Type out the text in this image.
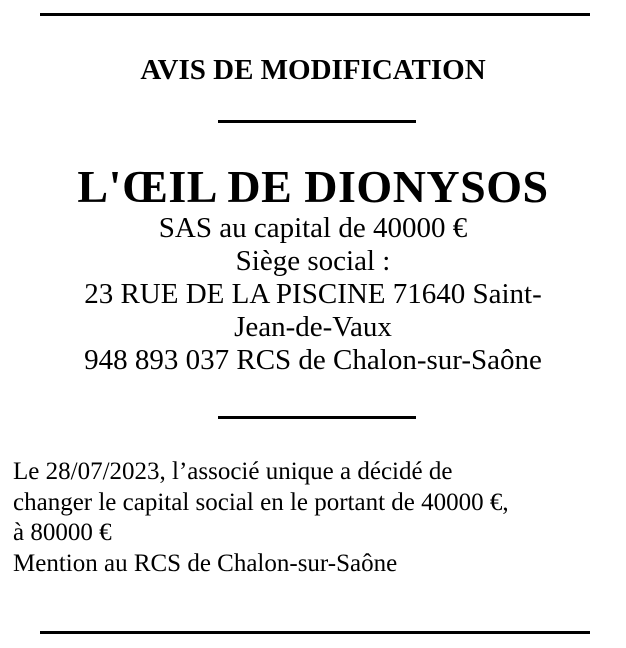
AVIS DE MODIFICATION
L'ŒIL DE DIONYSOS
SAS au capital de 40000 €
Siège social :
23 RUE DE LA PISCINE 71640 Saint-
Jean-de-Vaux
948 893 037 RCS de Chalon-sur-Saône
Le 28/07/2023, l’associé unique a décidé de
changer le capital social en le portant de 40000 €,
à 80000 €
Mention au RCS de Chalon-sur-Saône
